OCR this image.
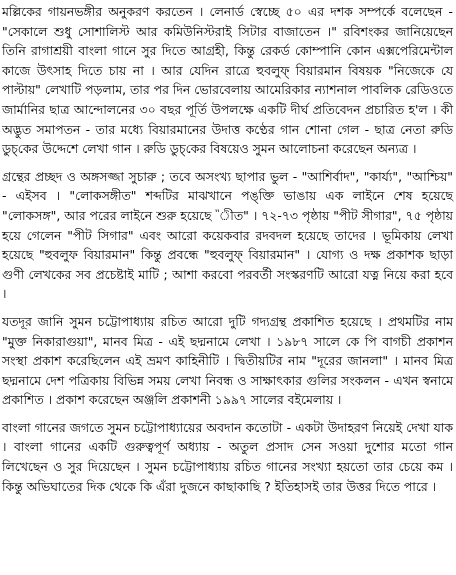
মল্লিকের গায়নভঙ্গীর অনুকরণ করতেন । লেনার্ড স্বেচ্ছে ৫০ এর দশক সম্পর্কে বলেছেন - "সেকালে শুধু সোশালিস্ট আর কমিউনিস্টরাই সিটার বাজাতেন ।" রবিশংকর জানিয়েছেন তিনি রাগাশ্রয়ী বাংলা গানে সুর দিতে আগ্রহী, কিন্তু রেকর্ড কোম্পানি কোন এক্সপেরিমেন্টাল কাজে উৎসাহ দিতে চায় না । আর যেদিন রাত্রে হুবলুফ্ বিয়ারমান বিষয়ক "নিজেকে যে পাল্টায়" লেখাটি পড়লাম, তার পর দিন ভোরবেলায় আমেরিকার ন্যাশনাল পাবলিক রেডিওতে জার্মানির ছাত্র আন্দোলনের ৩০ বছর পূর্তি উপলক্ষে একটি দীর্ঘ প্রতিবেদন প্রচারিত হ'ল । কী অদ্ভুত সমাপতন - তার মধ্যে বিয়ারমানের উদাত্ত কণ্ঠের গান শোনা গেল - ছাত্র নেতা রুডি ডুচ্‌কের উদ্দেশে লেখা গান । রুডি ডুচ্‌কের বিষয়েও সুমন আলোচনা করেছেন অন্যত্র ।

গ্রন্থের প্রচ্ছদ ও অঙ্গসজ্জা সুচারু ; তবে অসংখ্য ছাপার ভুল - "আশির্বাদ", "কার্য্য", "আশ্চিয়" - এইসব । "লোকসঙ্গীত" শব্দটির মাঝখানে পঙ্‌ক্তি ভাঙায় এক লাইনে শেষ হয়েছে "লোকসঙ্গ", আর পরের লাইনে শুরু হয়েছে "ীত" । ৭২-৭৩ পৃষ্ঠায় "পীট সীগার", ৭৫ পৃষ্ঠায় হয়ে গেলেন "পীট সিগার" এবং আরো কয়েকবার রদবদল হয়েছে তাদের । ভূমিকায় লেখা হয়েছে "হুবলুফ বিয়ারমান" কিন্তু প্রবন্ধে "হুবলুফ্ বিয়ারমান" । যোগ্য ও দক্ষ প্রকাশক ছাড়া গুণী লেখকের সব প্রচেষ্টাই মাটি ; আশা করবো পরবর্তী সংস্করণটি আরো যত্ন নিয়ে করা হবে ।

যতদূর জানি সুমন চট্টোপাধ্যায় রচিত আরো দুটি গদ্যগ্রন্থ প্রকাশিত হয়েছে । প্রথমটির নাম "মুক্ত নিকারাগুয়া", মানব মিত্র - এই ছদ্মনামে লেখা । ১৯৮৭ সালে কে পি বাগচী প্রকাশন সংস্থা প্রকাশ করেছিলেন এই ভ্রমণ কাহিনীটি । দ্বিতীয়টির নাম "দূরের জানলা" । মানব মিত্র ছদ্মনামে দেশ পত্রিকায় বিভিন্ন সময় লেখা নিবন্ধ ও সাক্ষাৎকার গুলির সংকলন - এখন স্বনামে প্রকাশিত । প্রকাশ করেছেন অঞ্জলি প্রকাশনী ১৯৯৭ সালের বইমেলায় ।

বাংলা গানের জগতে সুমন চট্টোপাধ্যায়ের অবদান কতোটা - একটা উদাহরণ নিয়েই দেখা যাক । বাংলা গানের একটি গুরুত্বপূর্ণ অধ্যায় - অতুল প্রসাদ সেন সওয়া দুশোর মতো গান লিখেছেন ও সুর দিয়েছেন । সুমন চট্টোপাধ্যায় রচিত গানের সংখ্যা হয়তো তার চেয়ে কম । কিন্তু অভিঘাতের দিক থেকে কি এঁরা দুজনে কাছাকাছি ? ইতিহাসই তার উত্তর দিতে পারে ।
